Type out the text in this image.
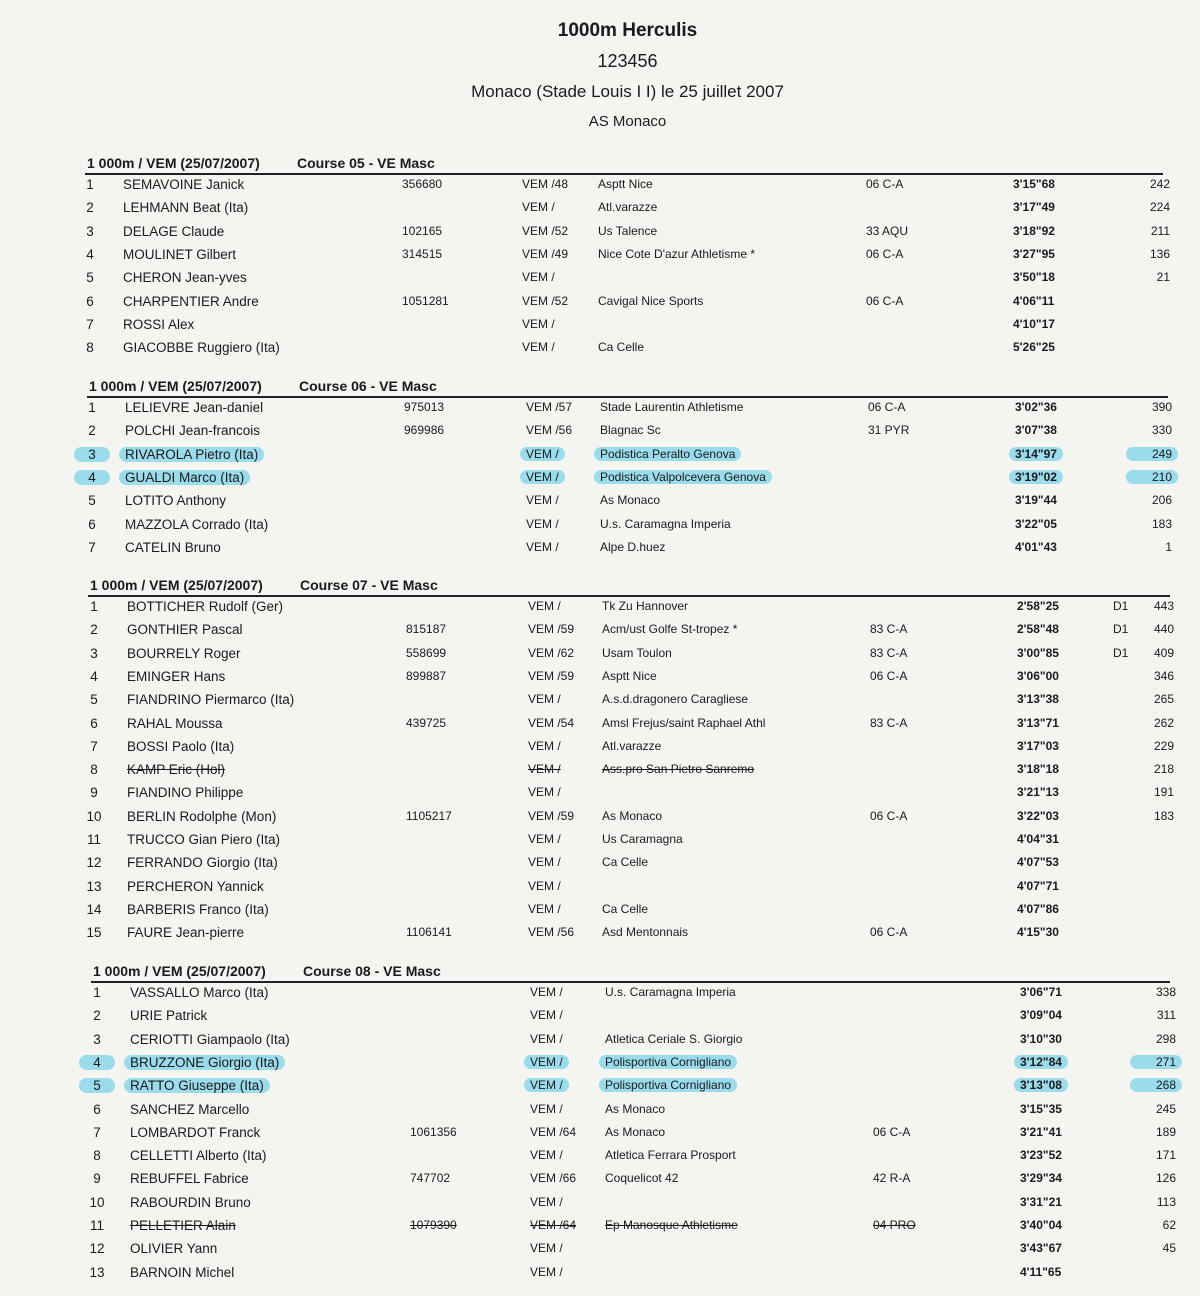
1000m Herculis
123456
Monaco (Stade Louis I I) le 25 juillet 2007
AS Monaco
1 000m / VEM (25/07/2007)	Course 05 - VE Masc
1	SEMAVOINE Janick	356680	VEM /48 Asptt Nice	06 C-A	3'15"68	242
2	LEHMANN Beat (Ita)	VEM /	Atl.varazze	3'17"49	224
3	DELAGE Claude	102165	VEM /52 Us Talence	33 AQU	3'18"92	211
4	MOULINET Gilbert	314515	VEM /49 Nice Cote D'azur Athletisme *	06 C-A	3'27"95	136
5	CHERON Jean-yves	VEM /	3'50"18	21
6	CHARPENTIER Andre	1051281	VEM /52 Cavigal Nice Sports	06 C-A	4'06"11
7	ROSSI Alex	VEM /	4'10"17
8	GIACOBBE Ruggiero (Ita)	VEM /	Ca Celle	5'26"25
1 000m / VEM (25/07/2007)	Course 06 - VE Masc
1	LELIEVRE Jean-daniel	975013	VEM /57 Stade Laurentin Athletisme	06 C-A	3'02"36	390
2	POLCHI Jean-francois	969986	VEM /56 Blagnac Sc	31 PYR	3'07"38	330
3	RIVAROLA Pietro (Ita)	VEM /	Podistica Peralto Genova	3'14"97	249
4	GUALDI Marco (Ita)	VEM /	Podistica Valpolcevera Genova	3'19"02	210
5	LOTITO Anthony	VEM /	As Monaco	3'19"44	206
6	MAZZOLA Corrado (Ita)	VEM /	U.s. Caramagna Imperia	3'22"05	183
7	CATELIN Bruno	VEM /	Alpe D.huez	4'01"43	1
1 000m / VEM (25/07/2007)	Course 07 - VE Masc
1	BOTTICHER Rudolf (Ger)	VEM /	Tk Zu Hannover	2'58"25	D1	443
2	GONTHIER Pascal	815187	VEM /59 Acm/ust Golfe St-tropez *	83 C-A	2'58"48	D1	440
3	BOURRELY Roger	558699	VEM /62 Usam Toulon	83 C-A	3'00"85	D1	409
4	EMINGER Hans	899887	VEM /59 Asptt Nice	06 C-A	3'06"00	346
5	FIANDRINO Piermarco (Ita)	VEM /	A.s.d.dragonero Caragliese	3'13"38	265
6	RAHAL Moussa	439725	VEM /54 Amsl Frejus/saint Raphael Athl	83 C-A	3'13"71	262
7	BOSSI Paolo (Ita)	VEM /	Atl.varazze	3'17"03	229
8	KAMP Eric (Hol)	VEM /	Ass.pro San Pietro Sanremo	3'18"18	218
9	FIANDINO Philippe	VEM /	3'21"13	191
10	BERLIN Rodolphe (Mon)	1105217	VEM /59 As Monaco	06 C-A	3'22"03	183
11	TRUCCO Gian Piero (Ita)	VEM /	Us Caramagna	4'04"31
12	FERRANDO Giorgio (Ita)	VEM /	Ca Celle	4'07"53
13	PERCHERON Yannick	VEM /	4'07"71
14	BARBERIS Franco (Ita)	VEM /	Ca Celle	4'07"86
15	FAURE Jean-pierre	1106141	VEM /56 Asd Mentonnais	06 C-A	4'15"30
1 000m / VEM (25/07/2007)	Course 08 - VE Masc
1	VASSALLO Marco (Ita)	VEM /	U.s. Caramagna Imperia	3'06"71	338
2	URIE Patrick	VEM /	3'09"04	311
3	CERIOTTI Giampaolo (Ita)	VEM /	Atletica Ceriale S. Giorgio	3'10"30	298
4	BRUZZONE Giorgio (Ita)	VEM /	Polisportiva Cornigliano	3'12"84	271
5	RATTO Giuseppe (Ita)	VEM /	Polisportiva Cornigliano	3'13"08	268
6	SANCHEZ Marcello	VEM /	As Monaco	3'15"35	245
7	LOMBARDOT Franck	1061356	VEM /64 As Monaco	06 C-A	3'21"41	189
8	CELLETTI Alberto (Ita)	VEM /	Atletica Ferrara Prosport	3'23"52	171
9	REBUFFEL Fabrice	747702	VEM /66 Coquelicot 42	42 R-A	3'29"34	126
10	RABOURDIN Bruno	VEM /	3'31"21	113
11	PELLETIER Alain	1079390	VEM /64 Ep Manosque Athletisme	04 PRO	3'40"04	62
12	OLIVIER Yann	VEM /	3'43"67	45
13	BARNOIN Michel	VEM /	4'11"65
